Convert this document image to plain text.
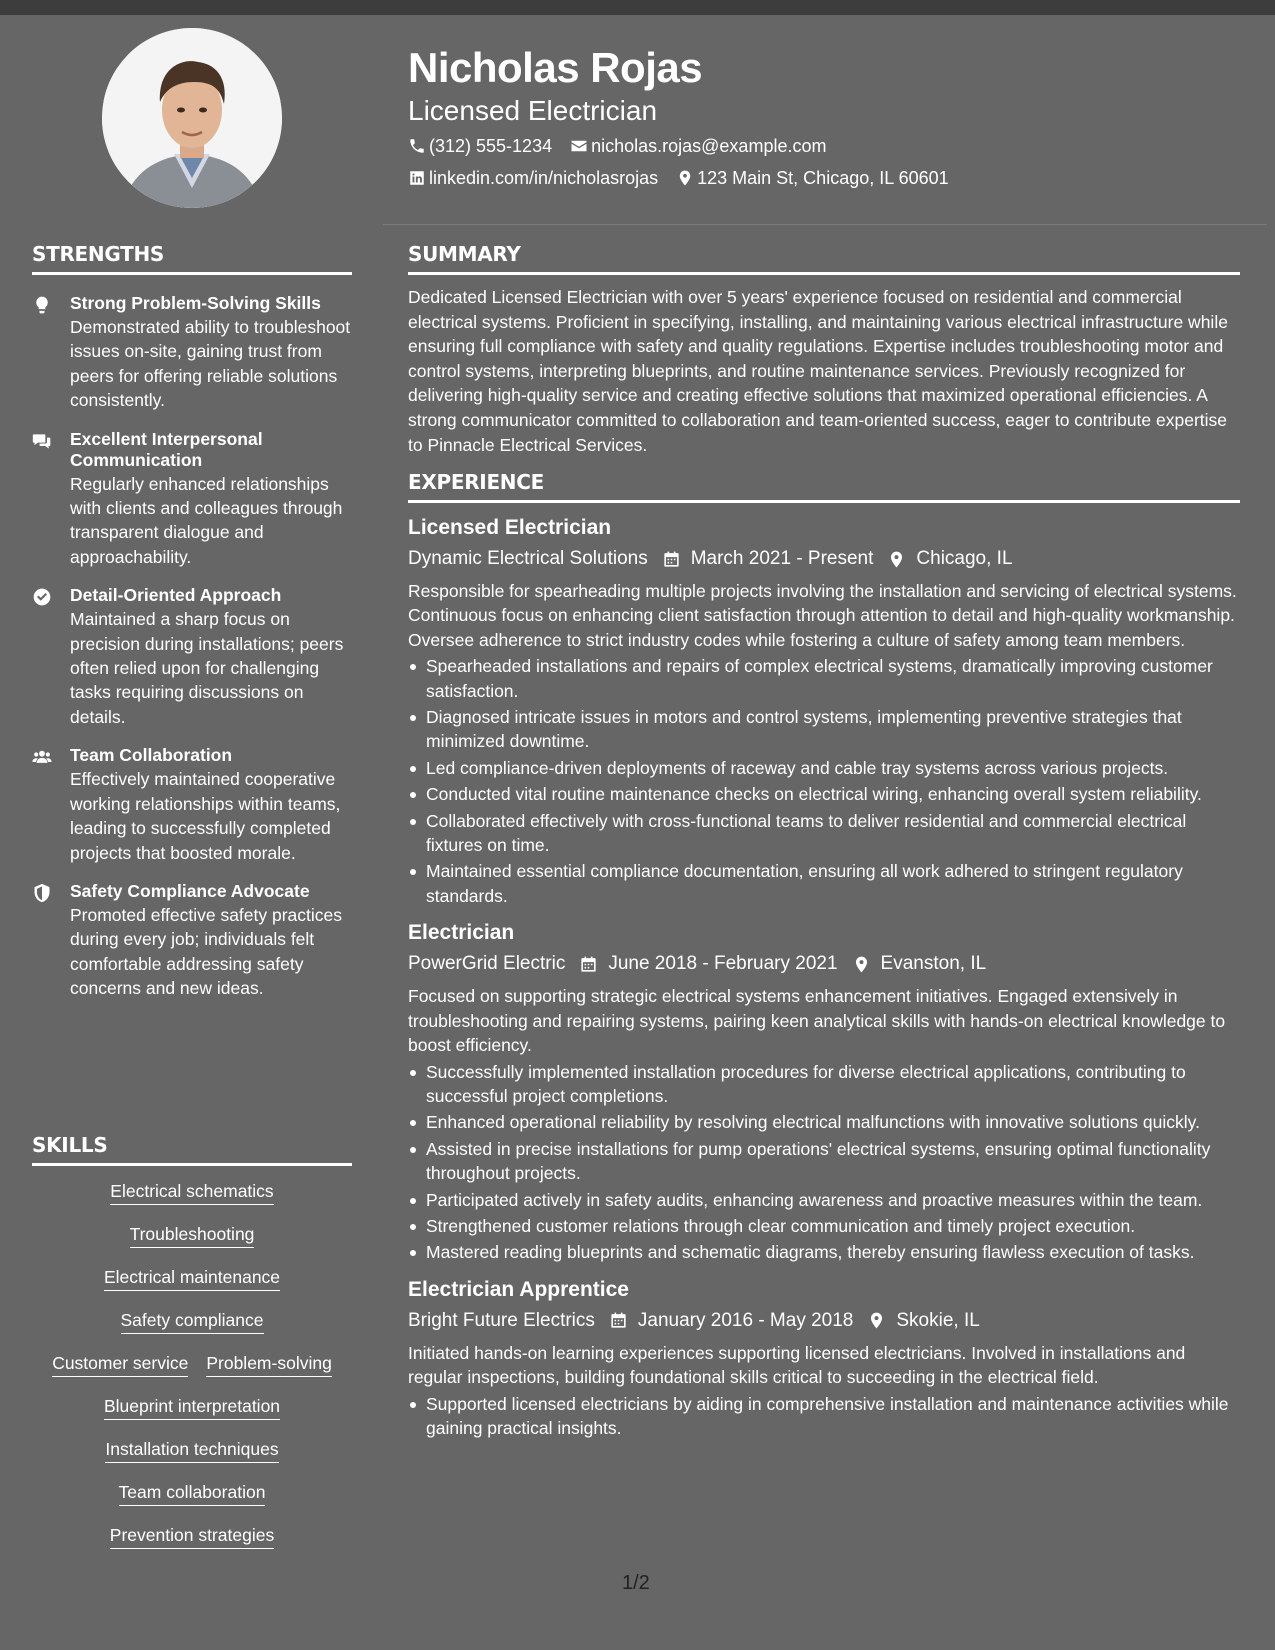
STRENGTHS
Strong Problem-Solving Skills
Demonstrated ability to troubleshoot issues on-site, gaining trust from peers for offering reliable solutions consistently.
Excellent Interpersonal Communication
Regularly enhanced relationships with clients and colleagues through transparent dialogue and approachability.
Detail-Oriented Approach
Maintained a sharp focus on precision during installations; peers often relied upon for challenging tasks requiring discussions on details.
Team Collaboration
Effectively maintained cooperative working relationships within teams, leading to successfully completed projects that boosted morale.
Safety Compliance Advocate
Promoted effective safety practices during every job; individuals felt comfortable addressing safety concerns and new ideas.
SKILLS
Electrical schematics
Troubleshooting
Electrical maintenance
Safety compliance
Customer service Problem-solving
Blueprint interpretation
Installation techniques
Team collaboration
Prevention strategies
Nicholas Rojas
Licensed Electrician
(312) 555-1234 nicholas.rojas@example.com
linkedin.com/in/nicholasrojas 123 Main St, Chicago, IL 60601
SUMMARY
Dedicated Licensed Electrician with over 5 years' experience focused on residential and commercial electrical systems. Proficient in specifying, installing, and maintaining various electrical infrastructure while ensuring full compliance with safety and quality regulations. Expertise includes troubleshooting motor and control systems, interpreting blueprints, and routine maintenance services. Previously recognized for delivering high-quality service and creating effective solutions that maximized operational efficiencies. A strong communicator committed to collaboration and team-oriented success, eager to contribute expertise to Pinnacle Electrical Services.
EXPERIENCE
Licensed Electrician
Dynamic Electrical Solutions March 2021 - Present Chicago, IL
Responsible for spearheading multiple projects involving the installation and servicing of electrical systems. Continuous focus on enhancing client satisfaction through attention to detail and high-quality workmanship. Oversee adherence to strict industry codes while fostering a culture of safety among team members.
Spearheaded installations and repairs of complex electrical systems, dramatically improving customer satisfaction.
Diagnosed intricate issues in motors and control systems, implementing preventive strategies that minimized downtime.
Led compliance-driven deployments of raceway and cable tray systems across various projects.
Conducted vital routine maintenance checks on electrical wiring, enhancing overall system reliability.
Collaborated effectively with cross-functional teams to deliver residential and commercial electrical fixtures on time.
Maintained essential compliance documentation, ensuring all work adhered to stringent regulatory standards.
Electrician
PowerGrid Electric June 2018 - February 2021 Evanston, IL
Focused on supporting strategic electrical systems enhancement initiatives. Engaged extensively in troubleshooting and repairing systems, pairing keen analytical skills with hands-on electrical knowledge to boost efficiency.
Successfully implemented installation procedures for diverse electrical applications, contributing to successful project completions.
Enhanced operational reliability by resolving electrical malfunctions with innovative solutions quickly.
Assisted in precise installations for pump operations' electrical systems, ensuring optimal functionality throughout projects.
Participated actively in safety audits, enhancing awareness and proactive measures within the team.
Strengthened customer relations through clear communication and timely project execution.
Mastered reading blueprints and schematic diagrams, thereby ensuring flawless execution of tasks.
Electrician Apprentice
Bright Future Electrics January 2016 - May 2018 Skokie, IL
Initiated hands-on learning experiences supporting licensed electricians. Involved in installations and regular inspections, building foundational skills critical to succeeding in the electrical field.
Supported licensed electricians by aiding in comprehensive installation and maintenance activities while gaining practical insights.
1/2
